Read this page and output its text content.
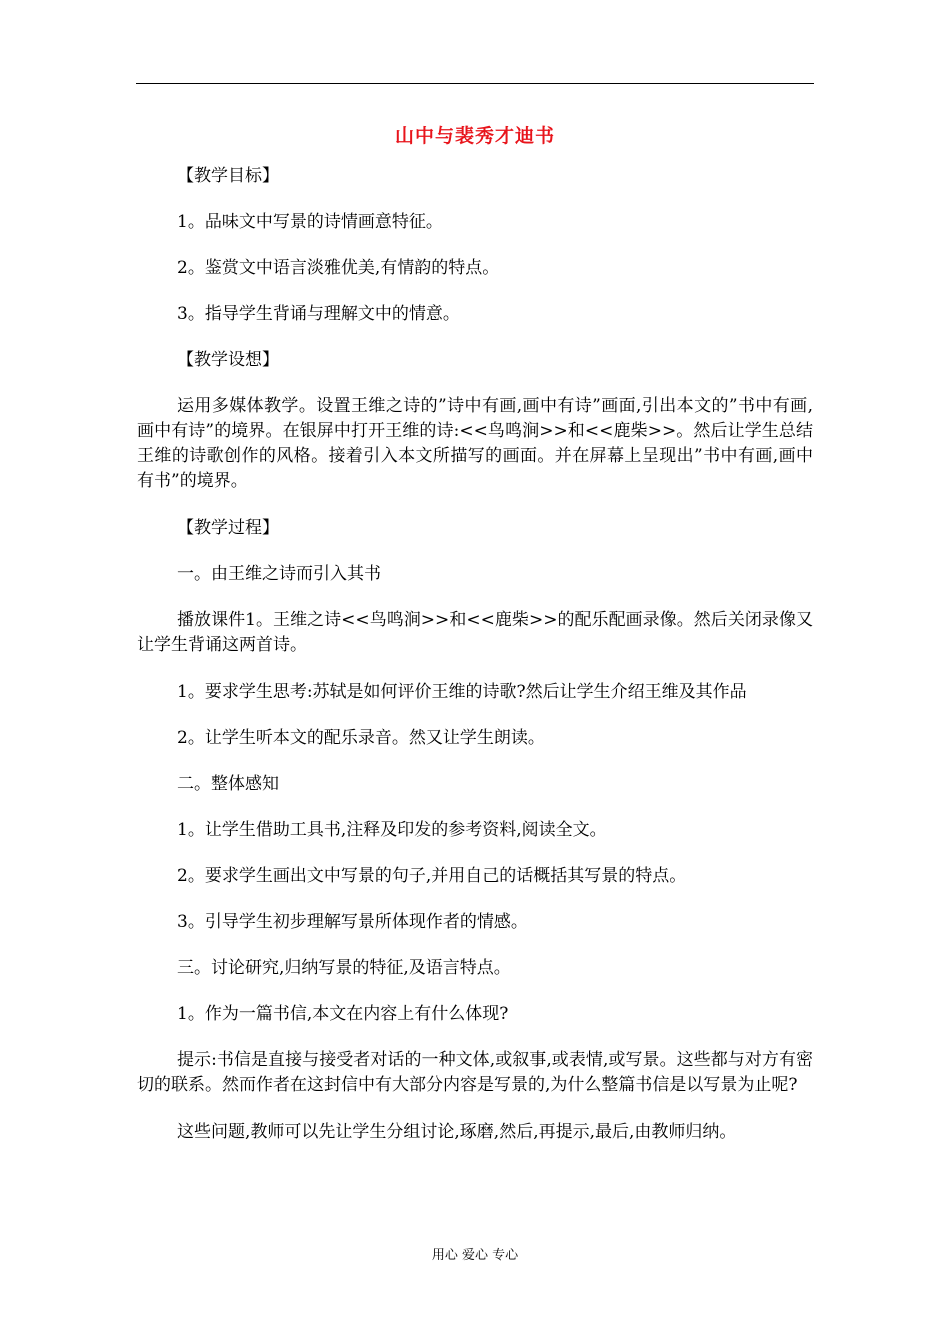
山中与裴秀才迪书

【教学目标】

1。品味文中写景的诗情画意特征。

2。鉴赏文中语言淡雅优美,有情韵的特点。

3。指导学生背诵与理解文中的情意。

【教学设想】

运用多媒体教学。设置王维之诗的”诗中有画,画中有诗”画面,引出本文的”书中有画,画中有诗”的境界。在银屏中打开王维的诗:<<鸟鸣涧>>和<<鹿柴>>。然后让学生总结王维的诗歌创作的风格。接着引入本文所描写的画面。并在屏幕上呈现出”书中有画,画中有书”的境界。

【教学过程】

一。由王维之诗而引入其书

播放课件1。王维之诗<<鸟鸣涧>>和<<鹿柴>>的配乐配画录像。然后关闭录像又让学生背诵这两首诗。

1。要求学生思考:苏轼是如何评价王维的诗歌?然后让学生介绍王维及其作品

2。让学生听本文的配乐录音。然又让学生朗读。

二。整体感知

1。让学生借助工具书,注释及印发的参考资料,阅读全文。

2。要求学生画出文中写景的句子,并用自己的话概括其写景的特点。

3。引导学生初步理解写景所体现作者的情感。

三。讨论研究,归纳写景的特征,及语言特点。

1。作为一篇书信,本文在内容上有什么体现?

提示:书信是直接与接受者对话的一种文体,或叙事,或表情,或写景。这些都与对方有密切的联系。然而作者在这封信中有大部分内容是写景的,为什么整篇书信是以写景为止呢?

这些问题,教师可以先让学生分组讨论,琢磨,然后,再提示,最后,由教师归纳。

用心 爱心 专心
